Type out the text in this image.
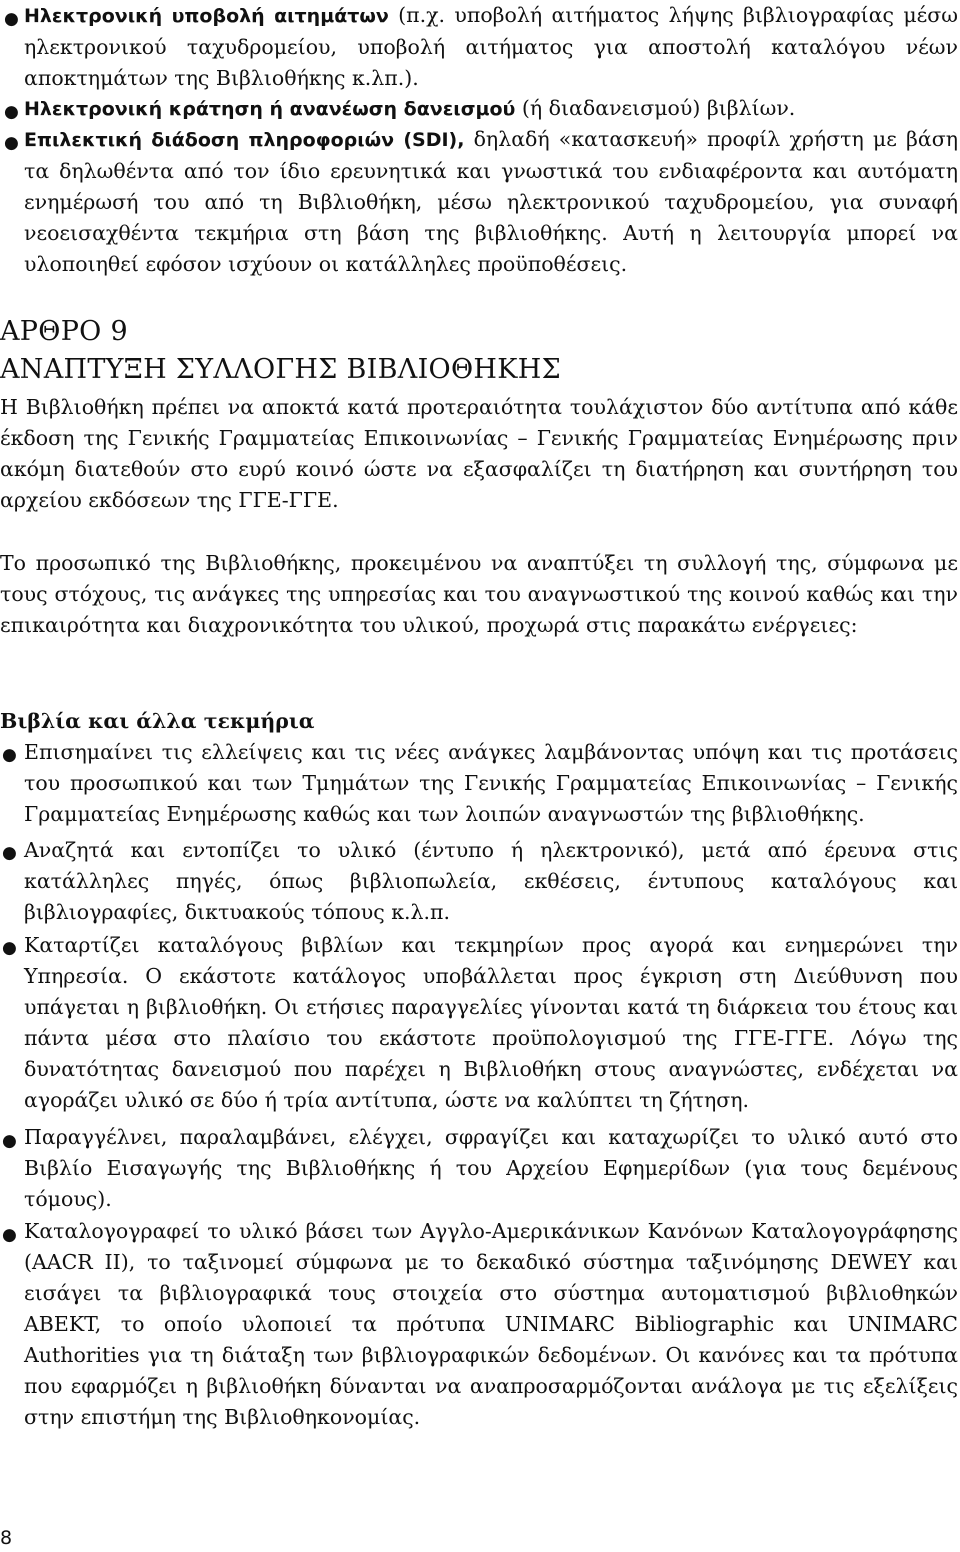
● Ηλεκτρονική υποβολή αιτημάτων (π.χ. υποβολή αιτήματος λήψης βιβλιογραφίας μέσω ηλεκτρονικού ταχυδρομείου, υποβολή αιτήματος για αποστολή καταλόγου νέων αποκτημάτων της Βιβλιοθήκης κ.λπ.).

● Ηλεκτρονική κράτηση ή ανανέωση δανεισμού (ή διαδανεισμού) βιβλίων.

● Επιλεκτική διάδοση πληροφοριών (SDI), δηλαδή «κατασκευή» προφίλ χρήστη με βάση τα δηλωθέντα από τον ίδιο ερευνητικά και γνωστικά του ενδιαφέροντα και αυτόματη ενημέρωσή του από τη Βιβλιοθήκη, μέσω ηλεκτρονικού ταχυδρομείου, για συναφή νεοεισαχθέντα τεκμήρια στη βάση της βιβλιοθήκης. Αυτή η λειτουργία μπορεί να υλοποιηθεί εφόσον ισχύουν οι κατάλληλες προϋποθέσεις.

ΑΡΘΡΟ 9
ΑΝΑΠΤΥΞΗ ΣΥΛΛΟΓΗΣ ΒΙΒΛΙΟΘΗΚΗΣ

Η Βιβλιοθήκη πρέπει να αποκτά κατά προτεραιότητα τουλάχιστον δύο αντίτυπα από κάθε έκδοση της Γενικής Γραμματείας Επικοινωνίας – Γενικής Γραμματείας Ενημέρωσης πριν ακόμη διατεθούν στο ευρύ κοινό ώστε να εξασφαλίζει τη διατήρηση και συντήρηση του αρχείου εκδόσεων της ΓΓΕ-ΓΓΕ.

Το προσωπικό της Βιβλιοθήκης, προκειμένου να αναπτύξει τη συλλογή της, σύμφωνα με τους στόχους, τις ανάγκες της υπηρεσίας και του αναγνωστικού της κοινού καθώς και την επικαιρότητα και διαχρονικότητα του υλικού, προχωρά στις παρακάτω ενέργειες:

Βιβλία και άλλα τεκμήρια
● Επισημαίνει τις ελλείψεις και τις νέες ανάγκες λαμβάνοντας υπόψη και τις προτάσεις του προσωπικού και των Τμημάτων της Γενικής Γραμματείας Επικοινωνίας – Γενικής Γραμματείας Ενημέρωσης καθώς και των λοιπών αναγνωστών της βιβλιοθήκης.

● Αναζητά και εντοπίζει το υλικό (έντυπο ή ηλεκτρονικό), μετά από έρευνα στις κατάλληλες πηγές, όπως βιβλιοπωλεία, εκθέσεις, έντυπους καταλόγους και βιβλιογραφίες, δικτυακούς τόπους κ.λ.π.

● Καταρτίζει καταλόγους βιβλίων και τεκμηρίων προς αγορά και ενημερώνει την Υπηρεσία. Ο εκάστοτε κατάλογος υποβάλλεται προς έγκριση στη Διεύθυνση που υπάγεται η βιβλιοθήκη. Οι ετήσιες παραγγελίες γίνονται κατά τη διάρκεια του έτους και πάντα μέσα στο πλαίσιο του εκάστοτε προϋπολογισμού της ΓΓΕ-ΓΓΕ. Λόγω της δυνατότητας δανεισμού που παρέχει η Βιβλιοθήκη στους αναγνώστες, ενδέχεται να αγοράζει υλικό σε δύο ή τρία αντίτυπα, ώστε να καλύπτει τη ζήτηση.

● Παραγγέλνει, παραλαμβάνει, ελέγχει, σφραγίζει και καταχωρίζει το υλικό αυτό στο Βιβλίο Εισαγωγής της Βιβλιοθήκης ή του Αρχείου Εφημερίδων (για τους δεμένους τόμους).

● Καταλογογραφεί το υλικό βάσει των Αγγλο-Αμερικάνικων Κανόνων Καταλογογράφησης (AACR II), το ταξινομεί σύμφωνα με το δεκαδικό σύστημα ταξινόμησης DEWEY και εισάγει τα βιβλιογραφικά τους στοιχεία στο σύστημα αυτοματισμού βιβλιοθηκών ABEKT, το οποίο υλοποιεί τα πρότυπα UNIMARC Bibliographic και UNIMARC Authorities για τη διάταξη των βιβλιογραφικών δεδομένων. Οι κανόνες και τα πρότυπα που εφαρμόζει η βιβλιοθήκη δύνανται να αναπροσαρμόζονται ανάλογα με τις εξελίξεις στην επιστήμη της Βιβλιοθηκονομίας.

8
